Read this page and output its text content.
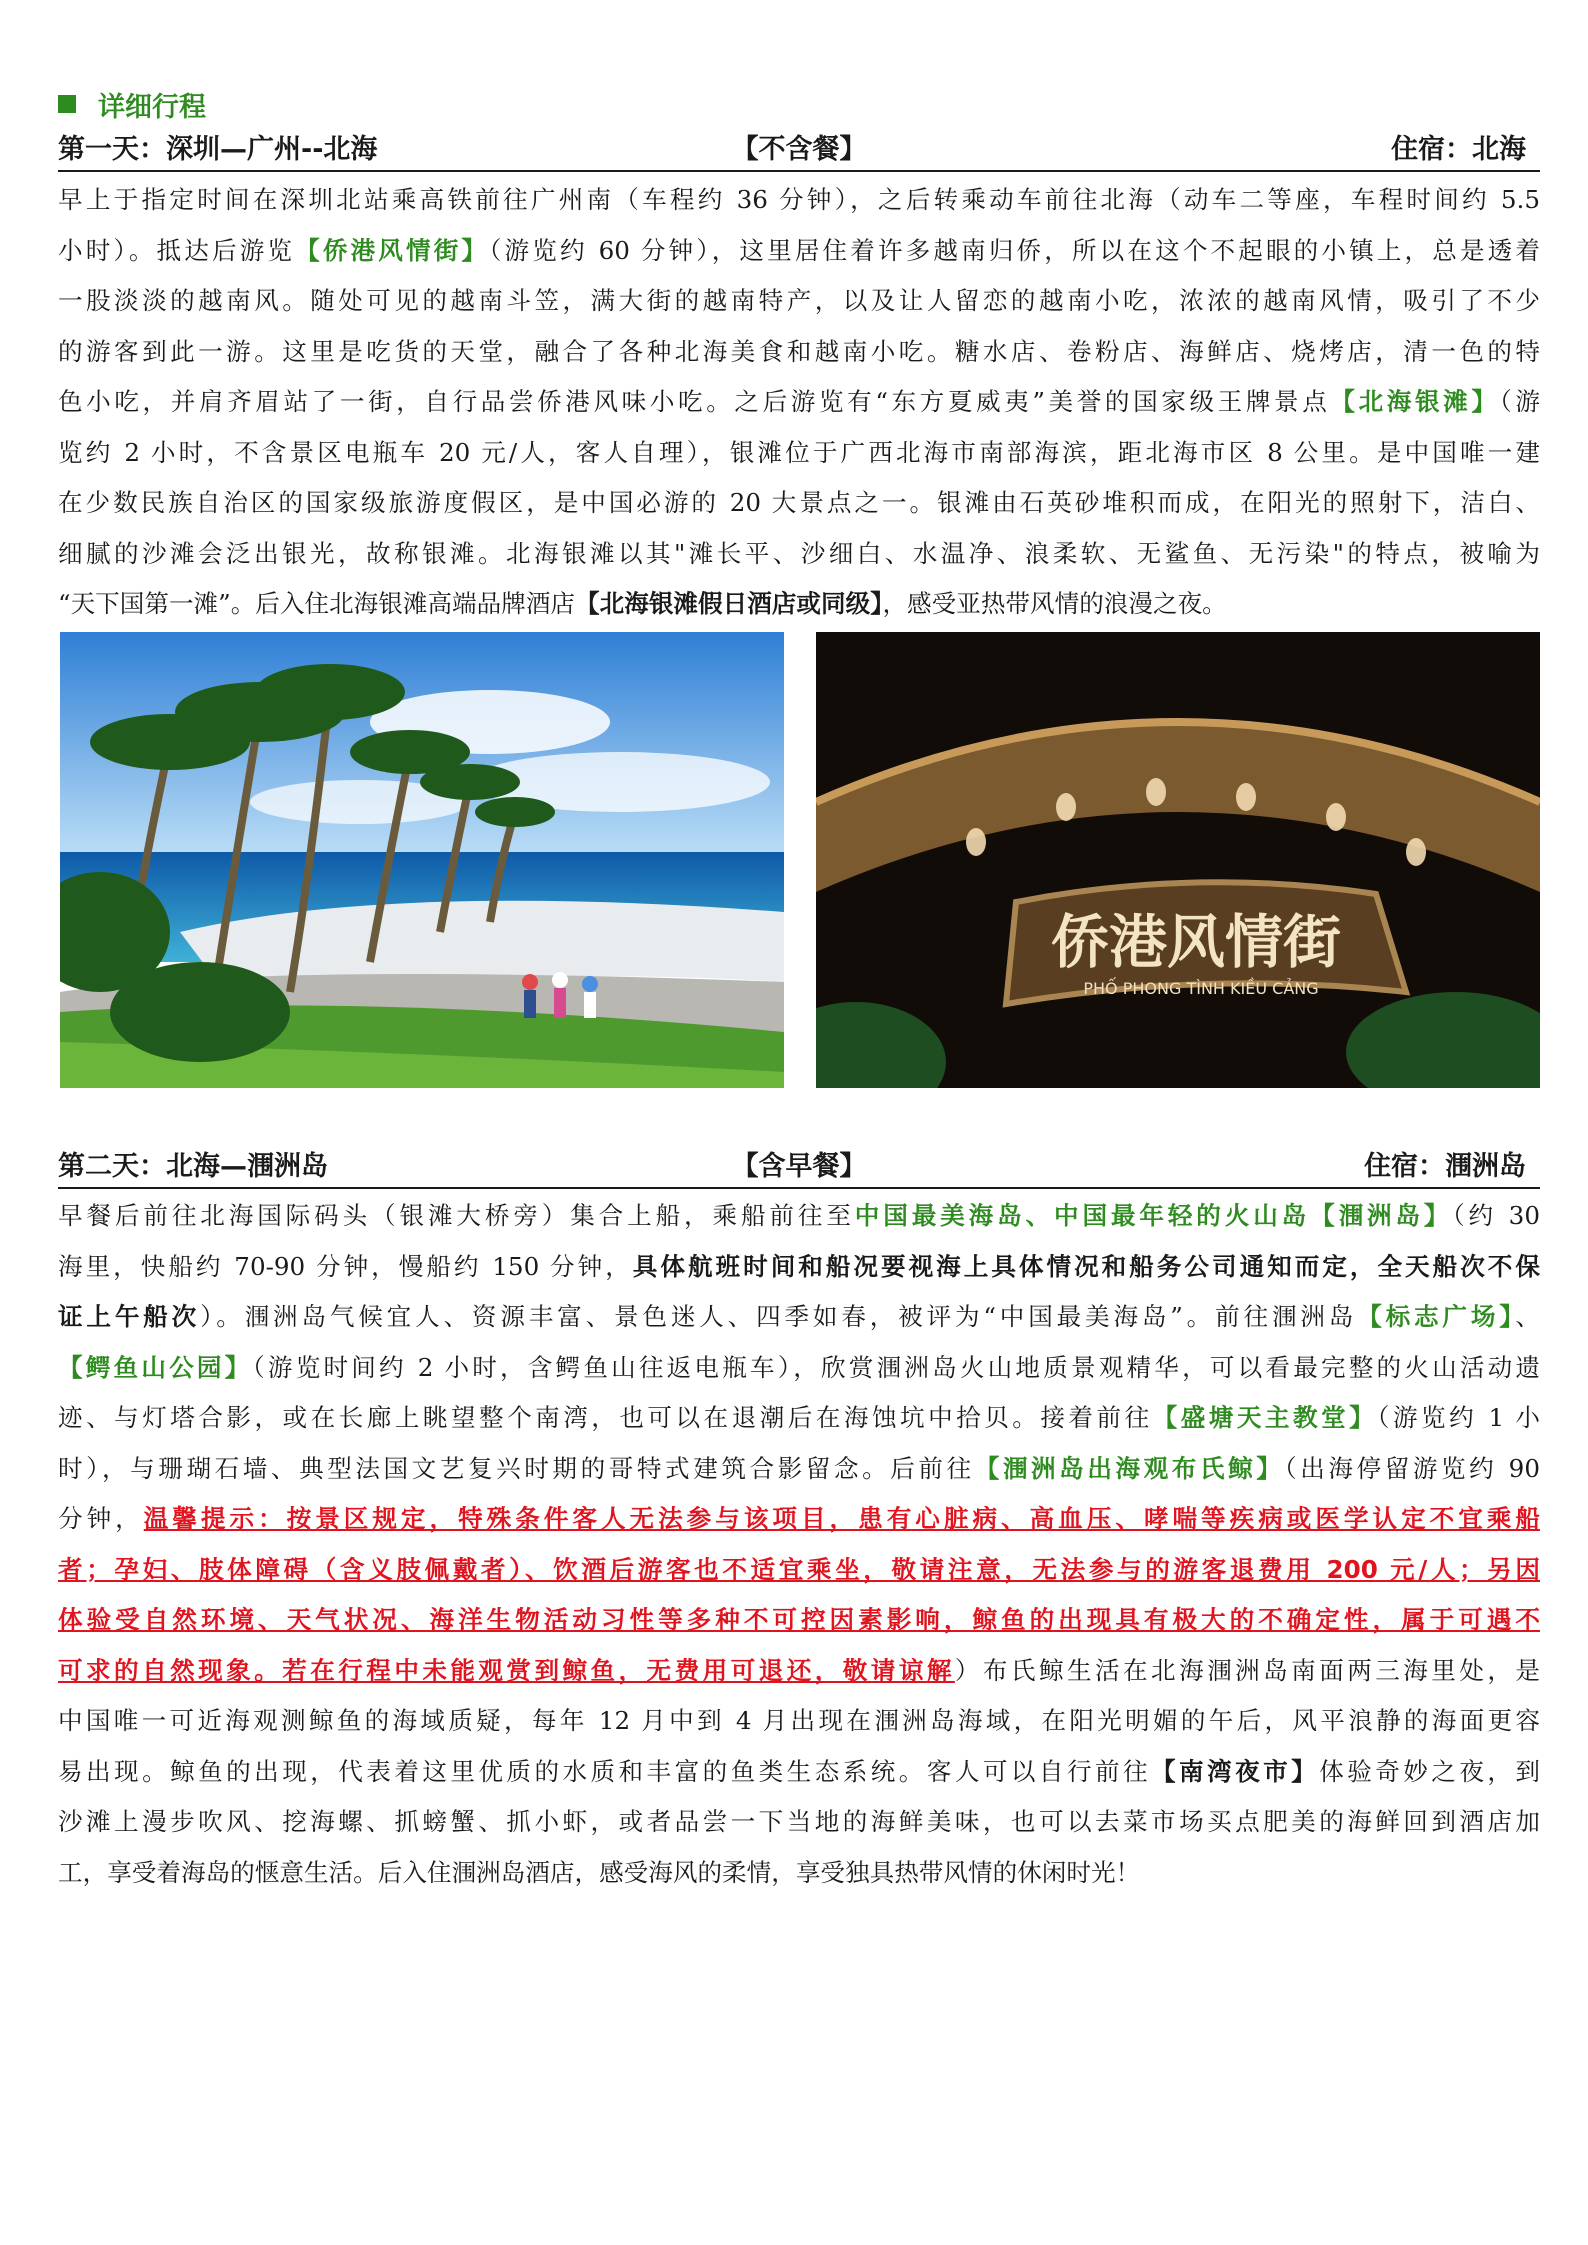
详细行程
第一天：深圳—广州--北海	【不含餐】	住宿：北海
早上于指定时间在深圳北站乘高铁前往广州南（车程约 36 分钟），之后转乘动车前往北海（动车二等座，车程时间约 5.5
小时）。抵达后游览【侨港风情街】（游览约 60 分钟），这里居住着许多越南归侨，所以在这个不起眼的小镇上，总是透着
一股淡淡的越南风。随处可见的越南斗笠，满大街的越南特产，以及让人留恋的越南小吃，浓浓的越南风情，吸引了不少
的游客到此一游。这里是吃货的天堂，融合了各种北海美食和越南小吃。糖水店、卷粉店、海鲜店、烧烤店，清一色的特
色小吃，并肩齐眉站了一街，自行品尝侨港风味小吃。之后游览有“东方夏威夷”美誉的国家级王牌景点【北海银滩】（游
览约 2 小时，不含景区电瓶车 20 元/人，客人自理），银滩位于广西北海市南部海滨，距北海市区 8 公里。是中国唯一建
在少数民族自治区的国家级旅游度假区，是中国必游的 20 大景点之一。银滩由石英砂堆积而成，在阳光的照射下，洁白、
细腻的沙滩会泛出银光，故称银滩。北海银滩以其"滩长平、沙细白、水温净、浪柔软、无鲨鱼、无污染"的特点，被喻为
“天下国第一滩”。后入住北海银滩高端品牌酒店【北海银滩假日酒店或同级】，感受亚热带风情的浪漫之夜。
侨港风情街
PHỐ PHONG TÌNH KIỀU CẢNG
第二天：北海—涠洲岛	【含早餐】	住宿：涠洲岛
早餐后前往北海国际码头（银滩大桥旁）集合上船，乘船前往至中国最美海岛、中国最年轻的火山岛【涠洲岛】（约 30
海里，快船约 70-90 分钟，慢船约 150 分钟，具体航班时间和船况要视海上具体情况和船务公司通知而定，全天船次不保
证上午船次）。涠洲岛气候宜人、资源丰富、景色迷人、四季如春，被评为“中国最美海岛”。前往涠洲岛【标志广场】、
【鳄鱼山公园】（游览时间约 2 小时，含鳄鱼山往返电瓶车），欣赏涠洲岛火山地质景观精华，可以看最完整的火山活动遗
迹、与灯塔合影，或在长廊上眺望整个南湾，也可以在退潮后在海蚀坑中拾贝。接着前往【盛塘天主教堂】（游览约 1 小
时），与珊瑚石墙、典型法国文艺复兴时期的哥特式建筑合影留念。后前往【涠洲岛出海观布氏鲸】（出海停留游览约 90
分钟，温馨提示：按景区规定，特殊条件客人无法参与该项目，患有心脏病、高血压、哮喘等疾病或医学认定不宜乘船
者；孕妇、肢体障碍（含义肢佩戴者）、饮酒后游客也不适宜乘坐，敬请注意，无法参与的游客退费用 200 元/人；另因
体验受自然环境、天气状况、海洋生物活动习性等多种不可控因素影响，鲸鱼的出现具有极大的不确定性，属于可遇不
可求的自然现象。若在行程中未能观赏到鲸鱼，无费用可退还，敬请谅解）布氏鲸生活在北海涠洲岛南面两三海里处，是
中国唯一可近海观测鲸鱼的海域质疑，每年 12 月中到 4 月出现在涠洲岛海域，在阳光明媚的午后，风平浪静的海面更容
易出现。鲸鱼的出现，代表着这里优质的水质和丰富的鱼类生态系统。客人可以自行前往【南湾夜市】体验奇妙之夜，到
沙滩上漫步吹风、挖海螺、抓螃蟹、抓小虾，或者品尝一下当地的海鲜美味，也可以去菜市场买点肥美的海鲜回到酒店加
工，享受着海岛的惬意生活。后入住涠洲岛酒店，感受海风的柔情，享受独具热带风情的休闲时光！
